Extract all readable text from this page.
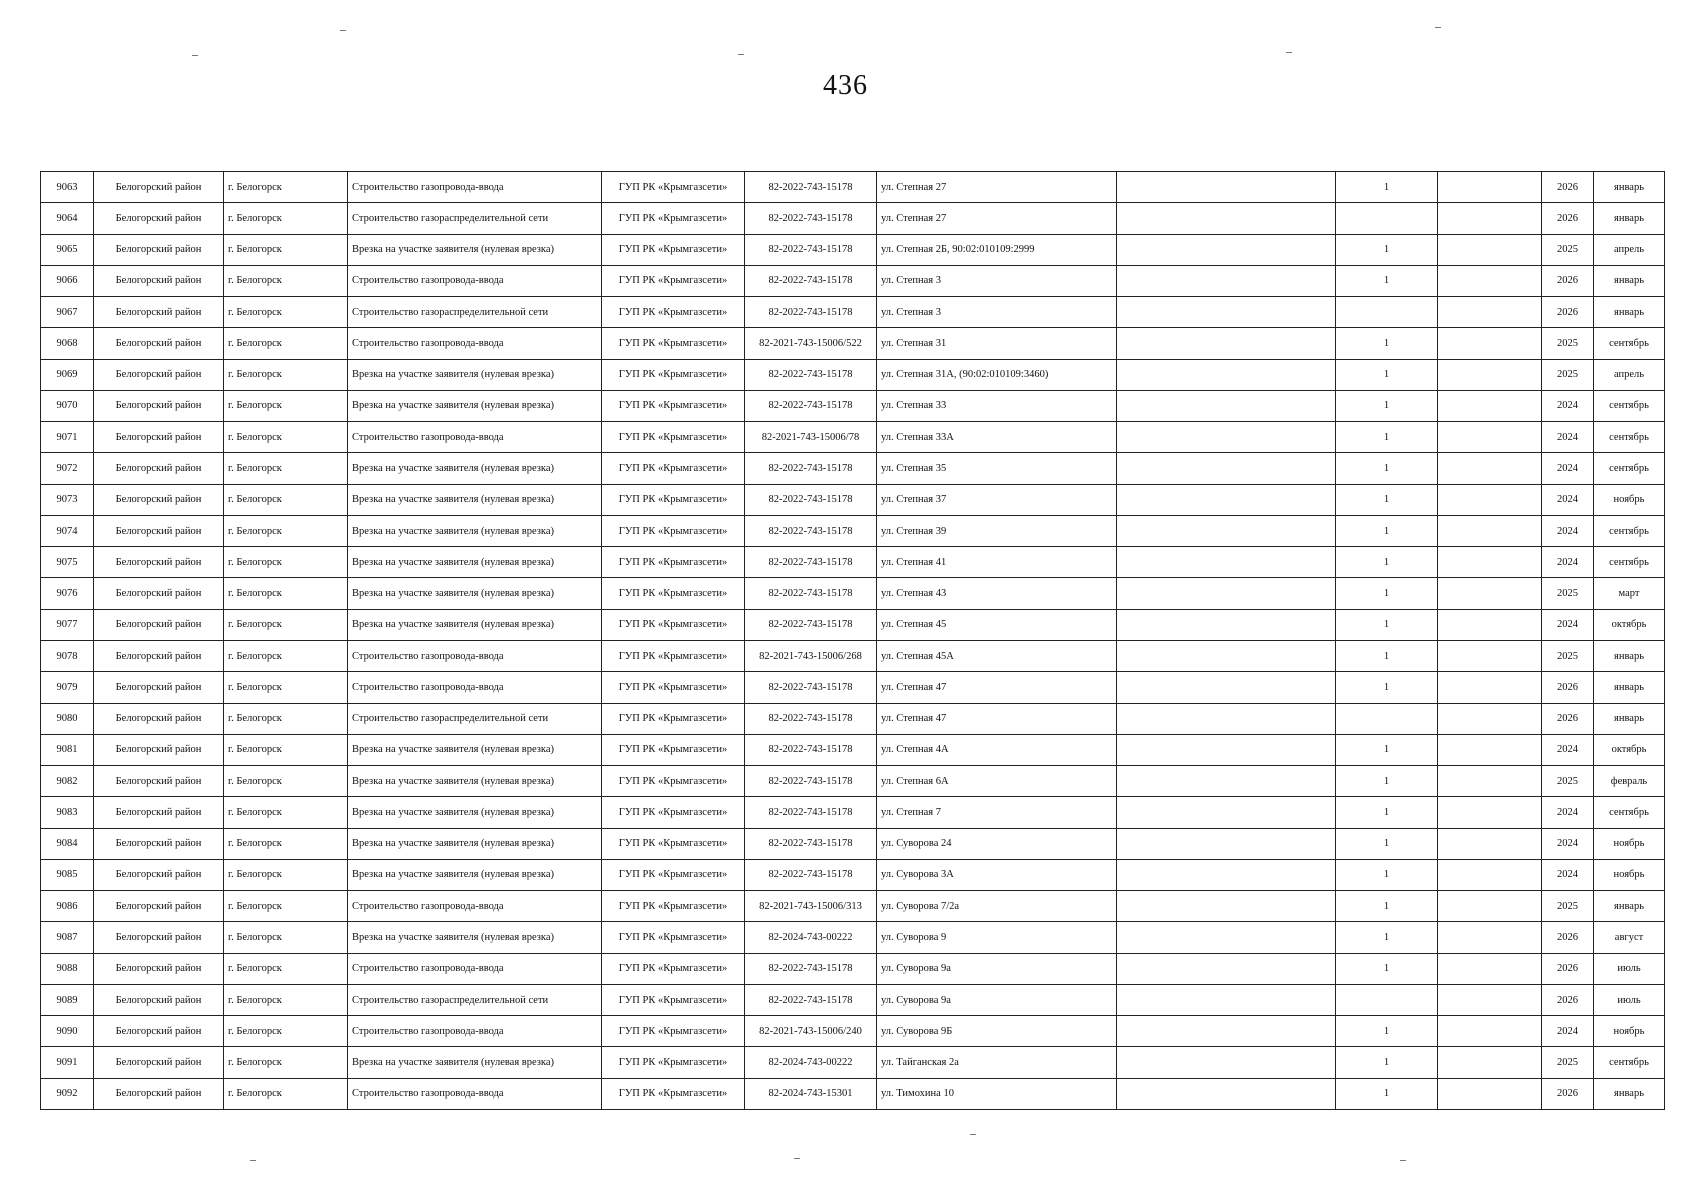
436
9063	Белогорский район	г. Белогорск	Строительство газопровода-ввода	ГУП РК «Крымгазсети»	82-2022-743-15178	ул. Степная 27		1		2026	январь
9064	Белогорский район	г. Белогорск	Строительство газораспределительной сети	ГУП РК «Крымгазсети»	82-2022-743-15178	ул. Степная 27				2026	январь
9065	Белогорский район	г. Белогорск	Врезка на участке заявителя (нулевая врезка)	ГУП РК «Крымгазсети»	82-2022-743-15178	ул. Степная 2Б, 90:02:010109:2999		1		2025	апрель
9066	Белогорский район	г. Белогорск	Строительство газопровода-ввода	ГУП РК «Крымгазсети»	82-2022-743-15178	ул. Степная 3		1		2026	январь
9067	Белогорский район	г. Белогорск	Строительство газораспределительной сети	ГУП РК «Крымгазсети»	82-2022-743-15178	ул. Степная 3				2026	январь
9068	Белогорский район	г. Белогорск	Строительство газопровода-ввода	ГУП РК «Крымгазсети»	82-2021-743-15006/522	ул. Степная 31		1		2025	сентябрь
9069	Белогорский район	г. Белогорск	Врезка на участке заявителя (нулевая врезка)	ГУП РК «Крымгазсети»	82-2022-743-15178	ул. Степная 31А, (90:02:010109:3460)		1		2025	апрель
9070	Белогорский район	г. Белогорск	Врезка на участке заявителя (нулевая врезка)	ГУП РК «Крымгазсети»	82-2022-743-15178	ул. Степная 33		1		2024	сентябрь
9071	Белогорский район	г. Белогорск	Строительство газопровода-ввода	ГУП РК «Крымгазсети»	82-2021-743-15006/78	ул. Степная 33А		1		2024	сентябрь
9072	Белогорский район	г. Белогорск	Врезка на участке заявителя (нулевая врезка)	ГУП РК «Крымгазсети»	82-2022-743-15178	ул. Степная 35		1		2024	сентябрь
9073	Белогорский район	г. Белогорск	Врезка на участке заявителя (нулевая врезка)	ГУП РК «Крымгазсети»	82-2022-743-15178	ул. Степная 37		1		2024	ноябрь
9074	Белогорский район	г. Белогорск	Врезка на участке заявителя (нулевая врезка)	ГУП РК «Крымгазсети»	82-2022-743-15178	ул. Степная 39		1		2024	сентябрь
9075	Белогорский район	г. Белогорск	Врезка на участке заявителя (нулевая врезка)	ГУП РК «Крымгазсети»	82-2022-743-15178	ул. Степная 41		1		2024	сентябрь
9076	Белогорский район	г. Белогорск	Врезка на участке заявителя (нулевая врезка)	ГУП РК «Крымгазсети»	82-2022-743-15178	ул. Степная 43		1		2025	март
9077	Белогорский район	г. Белогорск	Врезка на участке заявителя (нулевая врезка)	ГУП РК «Крымгазсети»	82-2022-743-15178	ул. Степная 45		1		2024	октябрь
9078	Белогорский район	г. Белогорск	Строительство газопровода-ввода	ГУП РК «Крымгазсети»	82-2021-743-15006/268	ул. Степная 45А		1		2025	январь
9079	Белогорский район	г. Белогорск	Строительство газопровода-ввода	ГУП РК «Крымгазсети»	82-2022-743-15178	ул. Степная 47		1		2026	январь
9080	Белогорский район	г. Белогорск	Строительство газораспределительной сети	ГУП РК «Крымгазсети»	82-2022-743-15178	ул. Степная 47				2026	январь
9081	Белогорский район	г. Белогорск	Врезка на участке заявителя (нулевая врезка)	ГУП РК «Крымгазсети»	82-2022-743-15178	ул. Степная 4А		1		2024	октябрь
9082	Белогорский район	г. Белогорск	Врезка на участке заявителя (нулевая врезка)	ГУП РК «Крымгазсети»	82-2022-743-15178	ул. Степная 6А		1		2025	февраль
9083	Белогорский район	г. Белогорск	Врезка на участке заявителя (нулевая врезка)	ГУП РК «Крымгазсети»	82-2022-743-15178	ул. Степная 7		1		2024	сентябрь
9084	Белогорский район	г. Белогорск	Врезка на участке заявителя (нулевая врезка)	ГУП РК «Крымгазсети»	82-2022-743-15178	ул. Суворова 24		1		2024	ноябрь
9085	Белогорский район	г. Белогорск	Врезка на участке заявителя (нулевая врезка)	ГУП РК «Крымгазсети»	82-2022-743-15178	ул. Суворова 3А		1		2024	ноябрь
9086	Белогорский район	г. Белогорск	Строительство газопровода-ввода	ГУП РК «Крымгазсети»	82-2021-743-15006/313	ул. Суворова 7/2а		1		2025	январь
9087	Белогорский район	г. Белогорск	Врезка на участке заявителя (нулевая врезка)	ГУП РК «Крымгазсети»	82-2024-743-00222	ул. Суворова 9		1		2026	август
9088	Белогорский район	г. Белогорск	Строительство газопровода-ввода	ГУП РК «Крымгазсети»	82-2022-743-15178	ул. Суворова 9а		1		2026	июль
9089	Белогорский район	г. Белогорск	Строительство газораспределительной сети	ГУП РК «Крымгазсети»	82-2022-743-15178	ул. Суворова 9а				2026	июль
9090	Белогорский район	г. Белогорск	Строительство газопровода-ввода	ГУП РК «Крымгазсети»	82-2021-743-15006/240	ул. Суворова 9Б		1		2024	ноябрь
9091	Белогорский район	г. Белогорск	Врезка на участке заявителя (нулевая врезка)	ГУП РК «Крымгазсети»	82-2024-743-00222	ул. Тайганская 2а		1		2025	сентябрь
9092	Белогорский район	г. Белогорск	Строительство газопровода-ввода	ГУП РК «Крымгазсети»	82-2024-743-15301	ул. Тимохина 10		1		2026	январь
